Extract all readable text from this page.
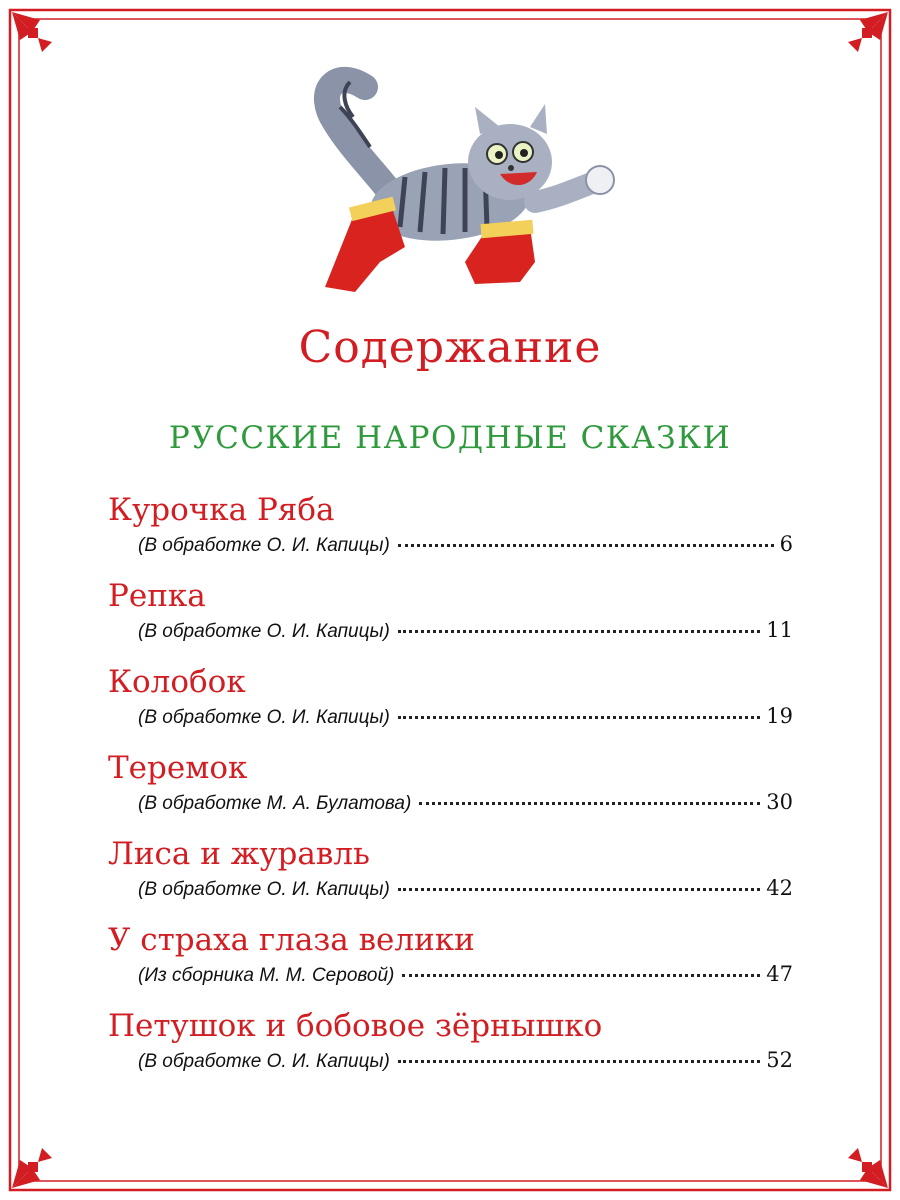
Содержание
РУССКИЕ НАРОДНЫЕ СКАЗКИ
Курочка Ряба
(В обработке О. И. Капицы)	6
Репка
(В обработке О. И. Капицы)	11
Колобок
(В обработке О. И. Капицы)	19
Теремок
(В обработке М. А. Булатова)	30
Лиса и журавль
(В обработке О. И. Капицы)	42
У страха глаза велики
(Из сборника М. М. Серовой)	47
Петушок и бобовое зёрнышко
(В обработке О. И. Капицы)	52
